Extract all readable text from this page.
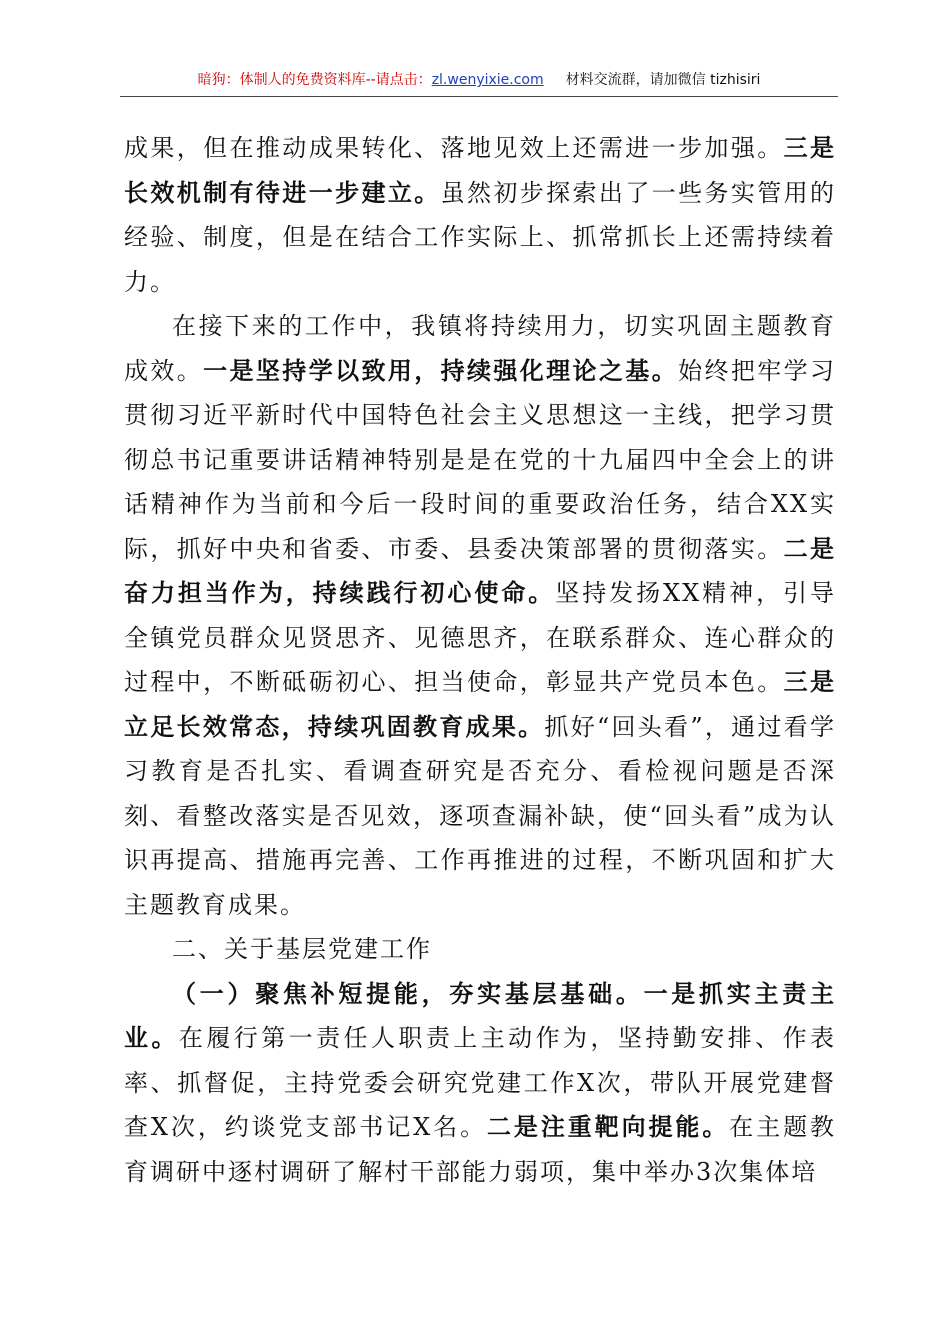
暗狗：体制人的免费资料库--请点击：zl.wenyixie.com 材料交流群，请加微信 tizhisiri

成果，但在推动成果转化、落地见效上还需进一步加强。三是长效机制有待进一步建立。虽然初步探索出了一些务实管用的经验、制度，但是在结合工作实际上、抓常抓长上还需持续着力。

在接下来的工作中，我镇将持续用力，切实巩固主题教育成效。一是坚持学以致用，持续强化理论之基。始终把牢学习贯彻习近平新时代中国特色社会主义思想这一主线，把学习贯彻总书记重要讲话精神特别是是在党的十九届四中全会上的讲话精神作为当前和今后一段时间的重要政治任务，结合XX实际，抓好中央和省委、市委、县委决策部署的贯彻落实。二是奋力担当作为，持续践行初心使命。坚持发扬XX精神，引导全镇党员群众见贤思齐、见德思齐，在联系群众、连心群众的过程中，不断砥砺初心、担当使命，彰显共产党员本色。三是立足长效常态，持续巩固教育成果。抓好“回头看”，通过看学习教育是否扎实、看调查研究是否充分、看检视问题是否深刻、看整改落实是否见效，逐项查漏补缺，使“回头看”成为认识再提高、措施再完善、工作再推进的过程，不断巩固和扩大主题教育成果。

二、关于基层党建工作

（一）聚焦补短提能，夯实基层基础。一是抓实主责主业。在履行第一责任人职责上主动作为，坚持勤安排、作表率、抓督促，主持党委会研究党建工作X次，带队开展党建督查X次，约谈党支部书记X名。二是注重靶向提能。在主题教育调研中逐村调研了解村干部能力弱项，集中举办3次集体培
